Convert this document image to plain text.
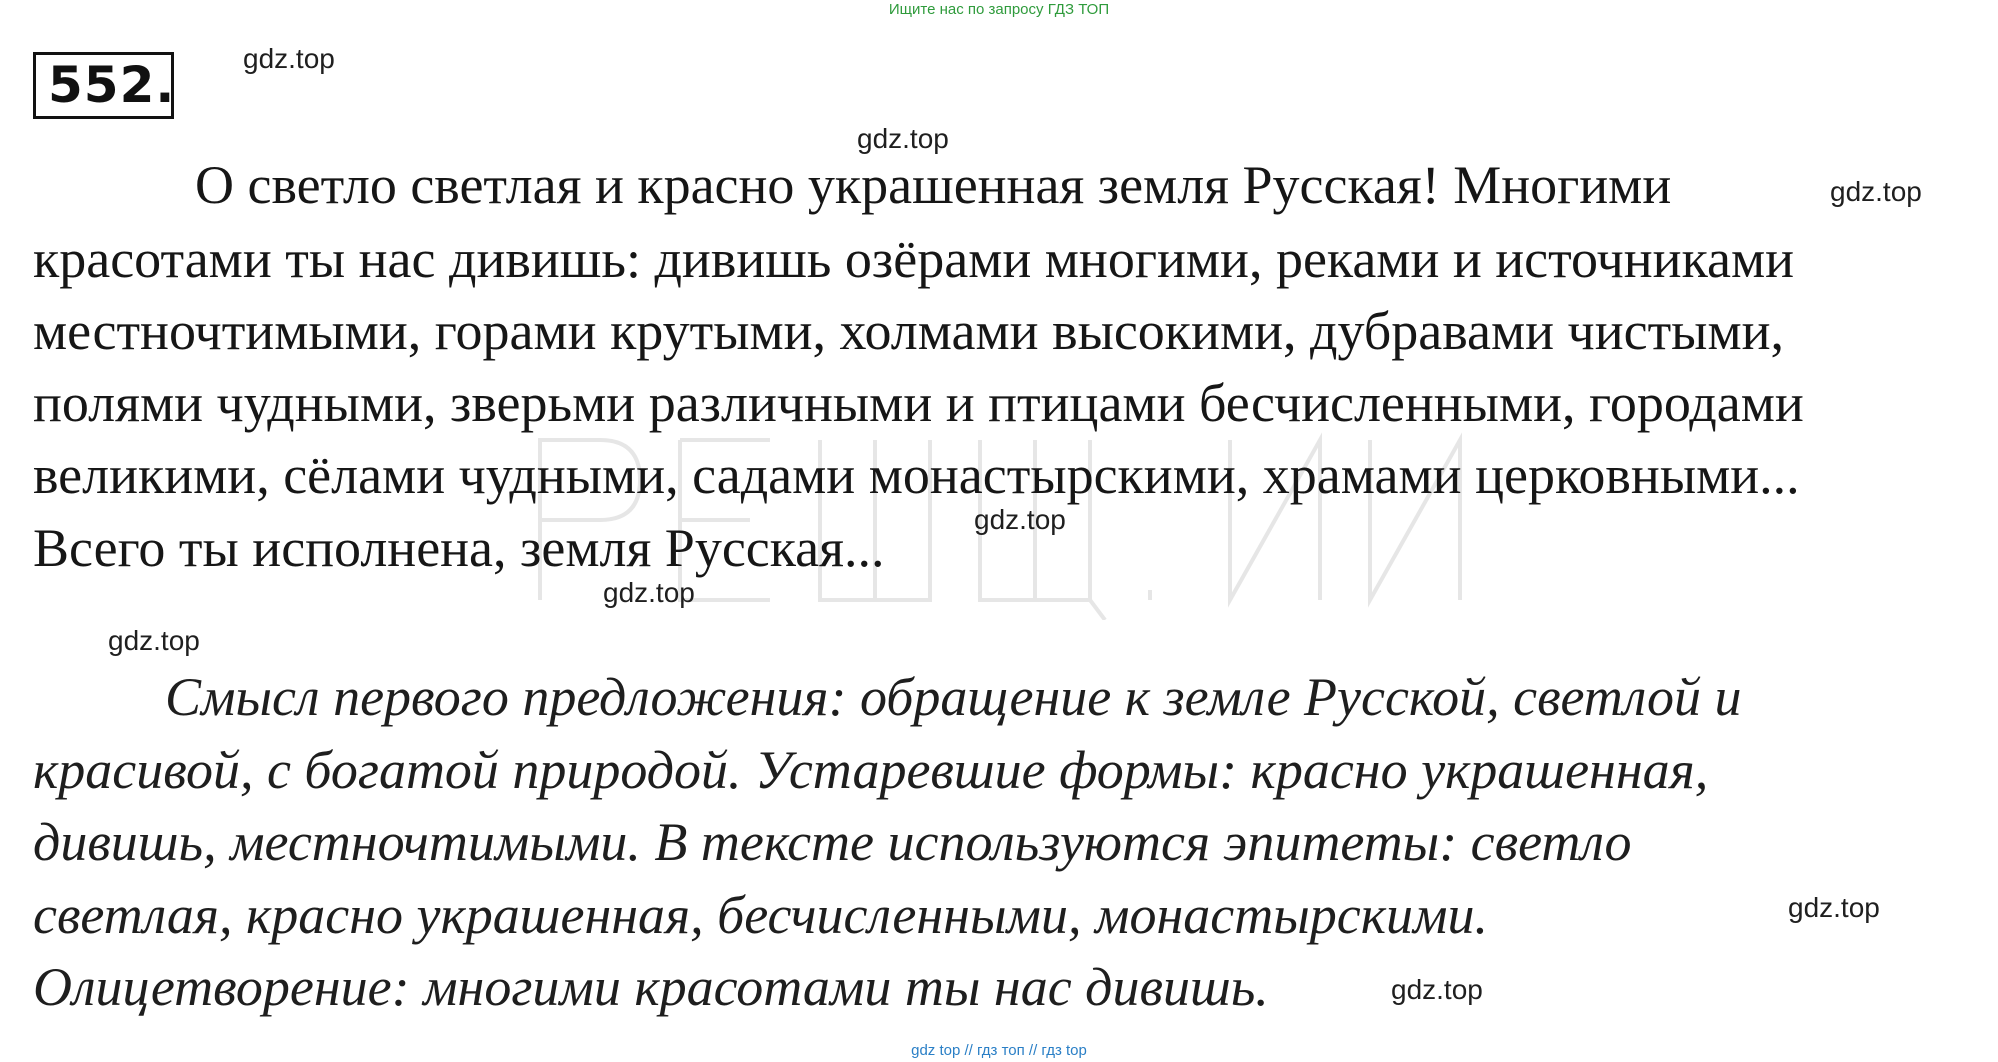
Ищите нас по запросу ГДЗ ТОП
552. gdz.top
gdz.top
gdz.top
gdz.top
gdz.top
gdz.top
gdz.top
gdz.top
О светло светлая и красно украшенная земля Русская! Многими
красотами ты нас дивишь: дивишь озёрами многими, реками и источниками
местночтимыми, горами крутыми, холмами высокими, дубравами чистыми,
полями чудными, зверьми различными и птицами бесчисленными, городами
великими, сёлами чудными, садами монастырскими, храмами церковными...
Всего ты исполнена, земля Русская...
Смысл первого предложения: обращение к земле Русской, светлой и
красивой, с богатой природой. Устаревшие формы: красно украшенная,
дивишь, местночтимыми. В тексте используются эпитеты: светло
светлая, красно украшенная, бесчисленными, монастырскими.
Олицетворение: многими красотами ты нас дивишь.
gdz top // гдз топ // гдз top
